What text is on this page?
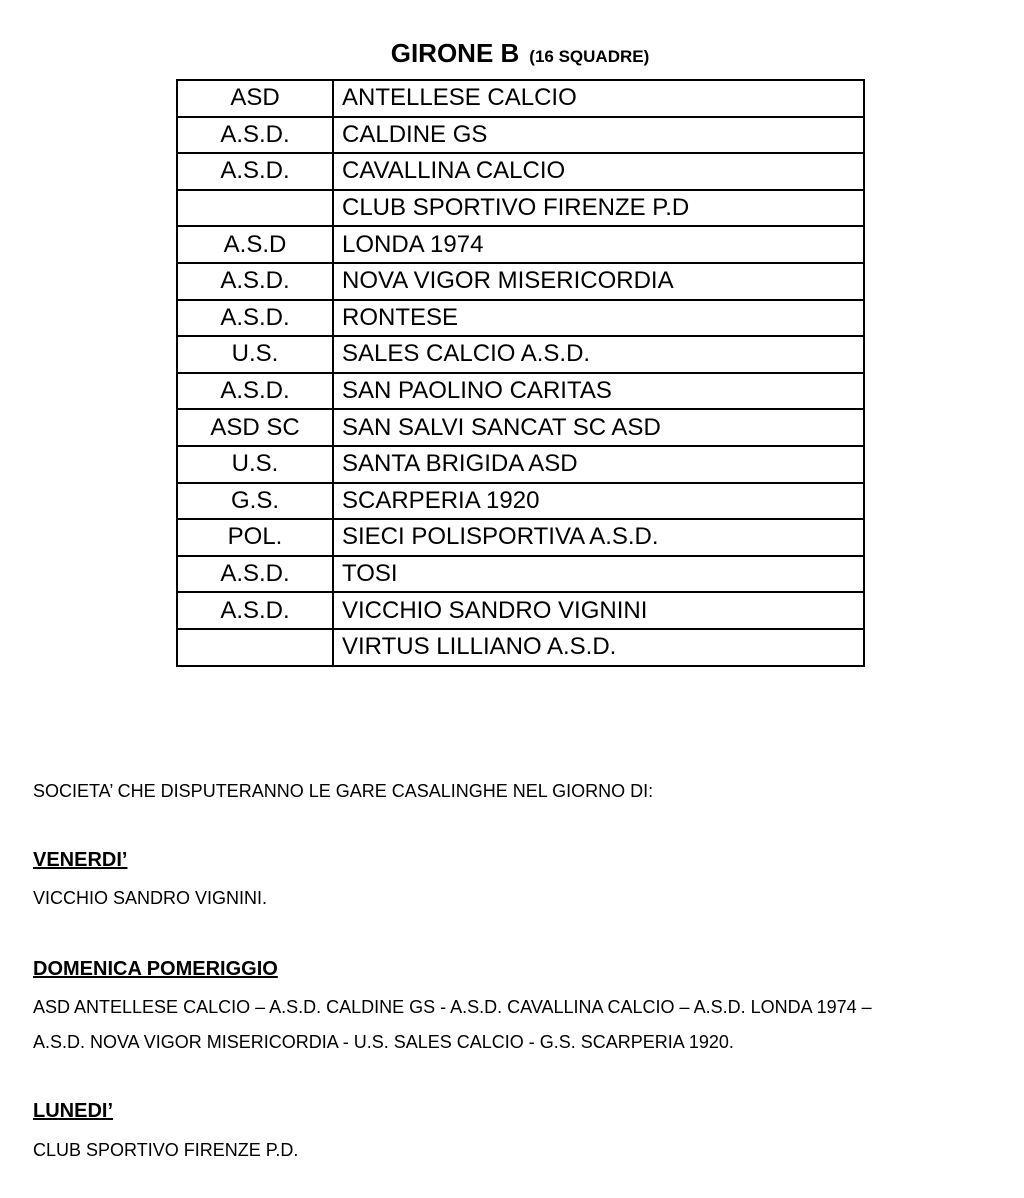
GIRONE B (16 SQUADRE)
ASD	ANTELLESE CALCIO
A.S.D.	CALDINE GS
A.S.D.	CAVALLINA CALCIO
	CLUB SPORTIVO FIRENZE P.D
A.S.D	LONDA 1974
A.S.D.	NOVA VIGOR MISERICORDIA
A.S.D.	RONTESE
U.S.	SALES CALCIO A.S.D.
A.S.D.	SAN PAOLINO CARITAS
ASD SC	SAN SALVI SANCAT SC ASD
U.S.	SANTA BRIGIDA ASD
G.S.	SCARPERIA 1920
POL.	SIECI POLISPORTIVA A.S.D.
A.S.D.	TOSI
A.S.D.	VICCHIO SANDRO VIGNINI
	VIRTUS LILLIANO A.S.D.
SOCIETA’ CHE DISPUTERANNO LE GARE CASALINGHE NEL GIORNO DI:
VENERDI’
VICCHIO SANDRO VIGNINI.
DOMENICA POMERIGGIO
ASD ANTELLESE CALCIO – A.S.D. CALDINE GS - A.S.D. CAVALLINA CALCIO – A.S.D. LONDA 1974 –
A.S.D. NOVA VIGOR MISERICORDIA - U.S. SALES CALCIO - G.S. SCARPERIA 1920.
LUNEDI’
CLUB SPORTIVO FIRENZE P.D.
